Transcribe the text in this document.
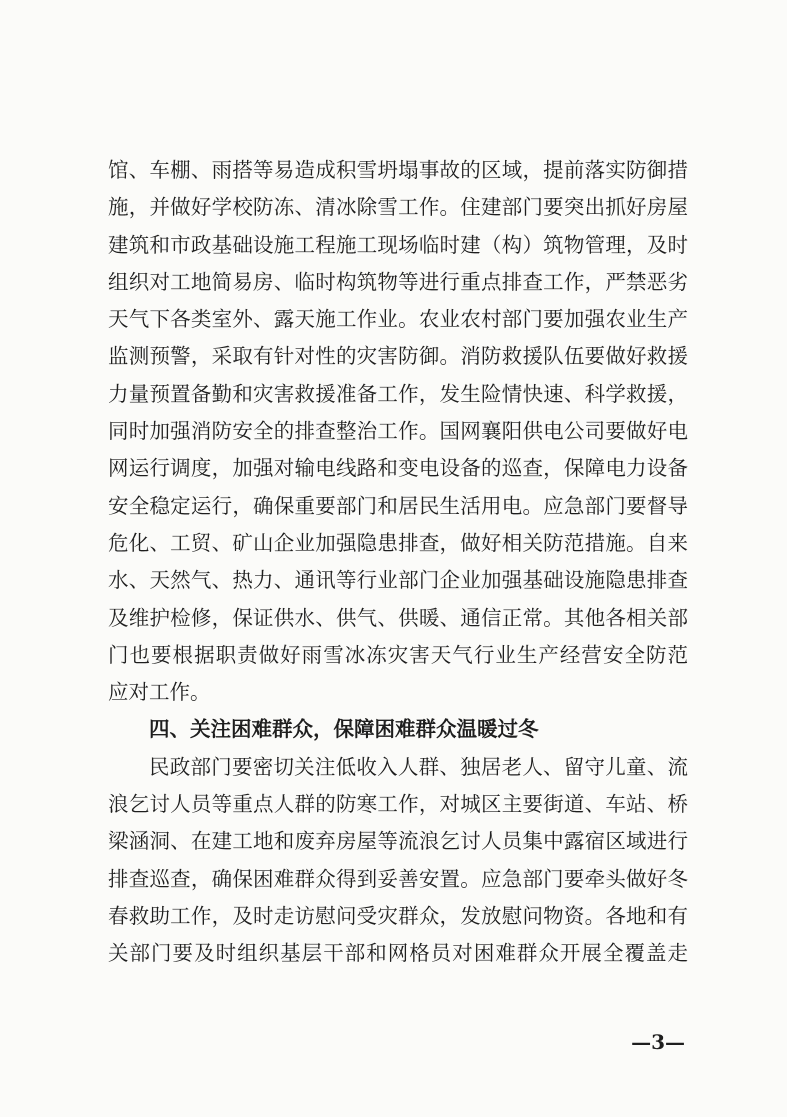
馆、车棚、雨搭等易造成积雪坍塌事故的区域，提前落实防御措
施，并做好学校防冻、清冰除雪工作。住建部门要突出抓好房屋
建筑和市政基础设施工程施工现场临时建（构）筑物管理，及时
组织对工地简易房、临时构筑物等进行重点排查工作，严禁恶劣
天气下各类室外、露天施工作业。农业农村部门要加强农业生产
监测预警，采取有针对性的灾害防御。消防救援队伍要做好救援
力量预置备勤和灾害救援准备工作，发生险情快速、科学救援，
同时加强消防安全的排查整治工作。国网襄阳供电公司要做好电
网运行调度，加强对输电线路和变电设备的巡查，保障电力设备
安全稳定运行，确保重要部门和居民生活用电。应急部门要督导
危化、工贸、矿山企业加强隐患排查，做好相关防范措施。自来
水、天然气、热力、通讯等行业部门企业加强基础设施隐患排查
及维护检修，保证供水、供气、供暖、通信正常。其他各相关部
门也要根据职责做好雨雪冰冻灾害天气行业生产经营安全防范
应对工作。
四、关注困难群众，保障困难群众温暖过冬
民政部门要密切关注低收入人群、独居老人、留守儿童、流
浪乞讨人员等重点人群的防寒工作，对城区主要街道、车站、桥
梁涵洞、在建工地和废弃房屋等流浪乞讨人员集中露宿区域进行
排查巡查，确保困难群众得到妥善安置。应急部门要牵头做好冬
春救助工作，及时走访慰问受灾群众，发放慰问物资。各地和有
关部门要及时组织基层干部和网格员对困难群众开展全覆盖走
—3—
